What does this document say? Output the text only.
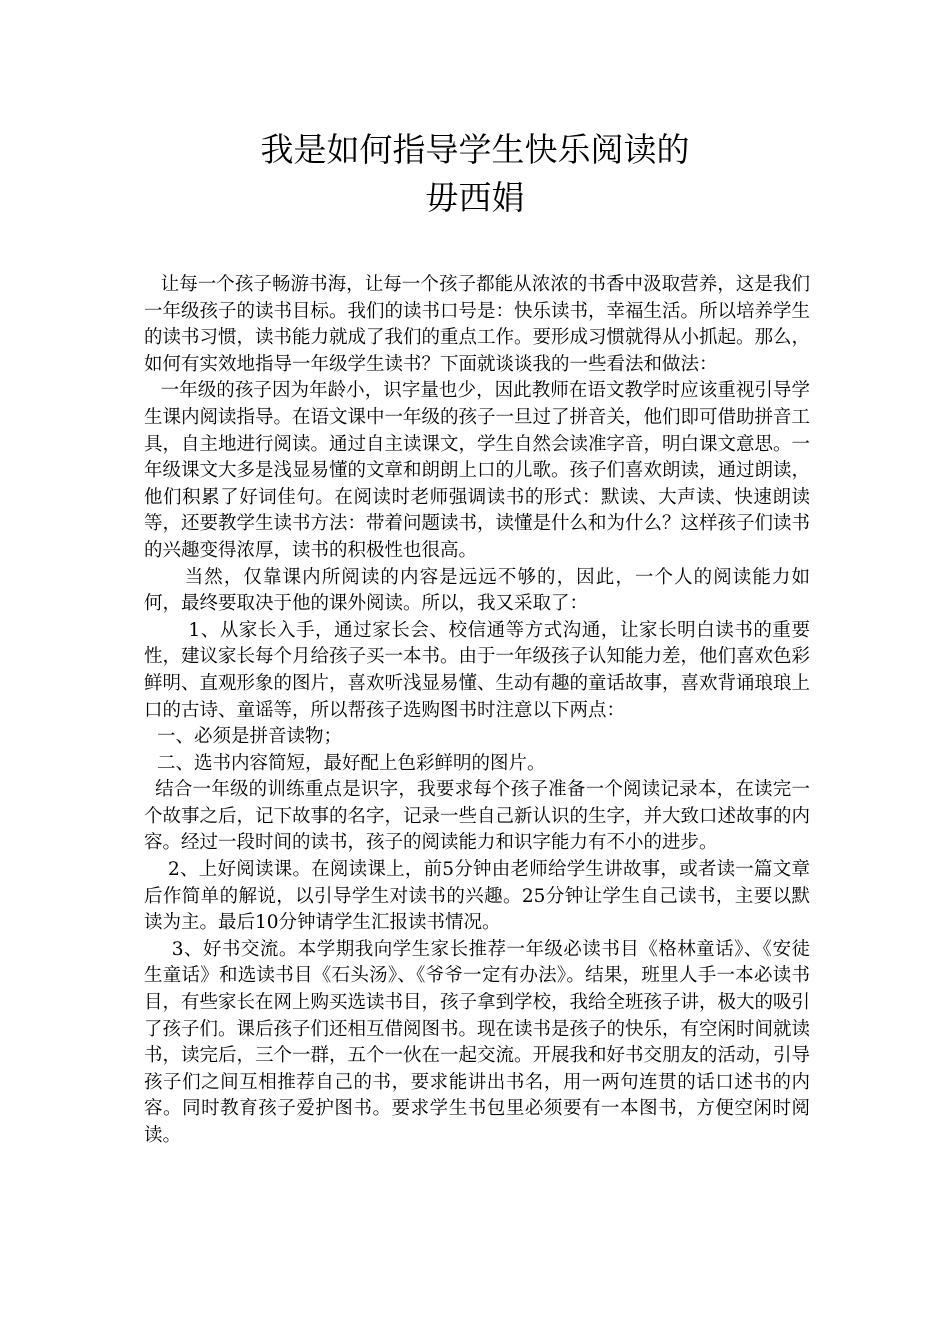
我是如何指导学生快乐阅读的
毋西娟

让每一个孩子畅游书海，让每一个孩子都能从浓浓的书香中汲取营养，这是我们一年级孩子的读书目标。我们的读书口号是：快乐读书，幸福生活。所以培养学生的读书习惯，读书能力就成了我们的重点工作。要形成习惯就得从小抓起。那么，如何有实效地指导一年级学生读书？下面就谈谈我的一些看法和做法：

一年级的孩子因为年龄小，识字量也少，因此教师在语文教学时应该重视引导学生课内阅读指导。在语文课中一年级的孩子一旦过了拼音关，他们即可借助拼音工具，自主地进行阅读。通过自主读课文，学生自然会读准字音，明白课文意思。一年级课文大多是浅显易懂的文章和朗朗上口的儿歌。孩子们喜欢朗读，通过朗读，他们积累了好词佳句。在阅读时老师强调读书的形式：默读、大声读、快速朗读等，还要教学生读书方法：带着问题读书，读懂是什么和为什么？这样孩子们读书的兴趣变得浓厚，读书的积极性也很高。

当然，仅靠课内所阅读的内容是远远不够的，因此，一个人的阅读能力如何，最终要取决于他的课外阅读。所以，我又采取了：

1、从家长入手，通过家长会、校信通等方式沟通，让家长明白读书的重要性，建议家长每个月给孩子买一本书。由于一年级孩子认知能力差，他们喜欢色彩鲜明、直观形象的图片，喜欢听浅显易懂、生动有趣的童话故事，喜欢背诵琅琅上口的古诗、童谣等，所以帮孩子选购图书时注意以下两点：

一、必须是拼音读物；

二、选书内容简短，最好配上色彩鲜明的图片。

结合一年级的训练重点是识字，我要求每个孩子准备一个阅读记录本，在读完一个故事之后，记下故事的名字，记录一些自己新认识的生字，并大致口述故事的内容。经过一段时间的读书，孩子的阅读能力和识字能力有不小的进步。

2、上好阅读课。在阅读课上，前5分钟由老师给学生讲故事，或者读一篇文章后作简单的解说，以引导学生对读书的兴趣。25分钟让学生自己读书，主要以默读为主。最后10分钟请学生汇报读书情况。

3、好书交流。本学期我向学生家长推荐一年级必读书目《格林童话》、《安徒生童话》和选读书目《石头汤》、《爷爷一定有办法》。结果，班里人手一本必读书目，有些家长在网上购买选读书目，孩子拿到学校，我给全班孩子讲，极大的吸引了孩子们。课后孩子们还相互借阅图书。现在读书是孩子的快乐，有空闲时间就读书，读完后，三个一群，五个一伙在一起交流。开展我和好书交朋友的活动，引导孩子们之间互相推荐自己的书，要求能讲出书名，用一两句连贯的话口述书的内容。同时教育孩子爱护图书。要求学生书包里必须要有一本图书，方便空闲时阅读。
